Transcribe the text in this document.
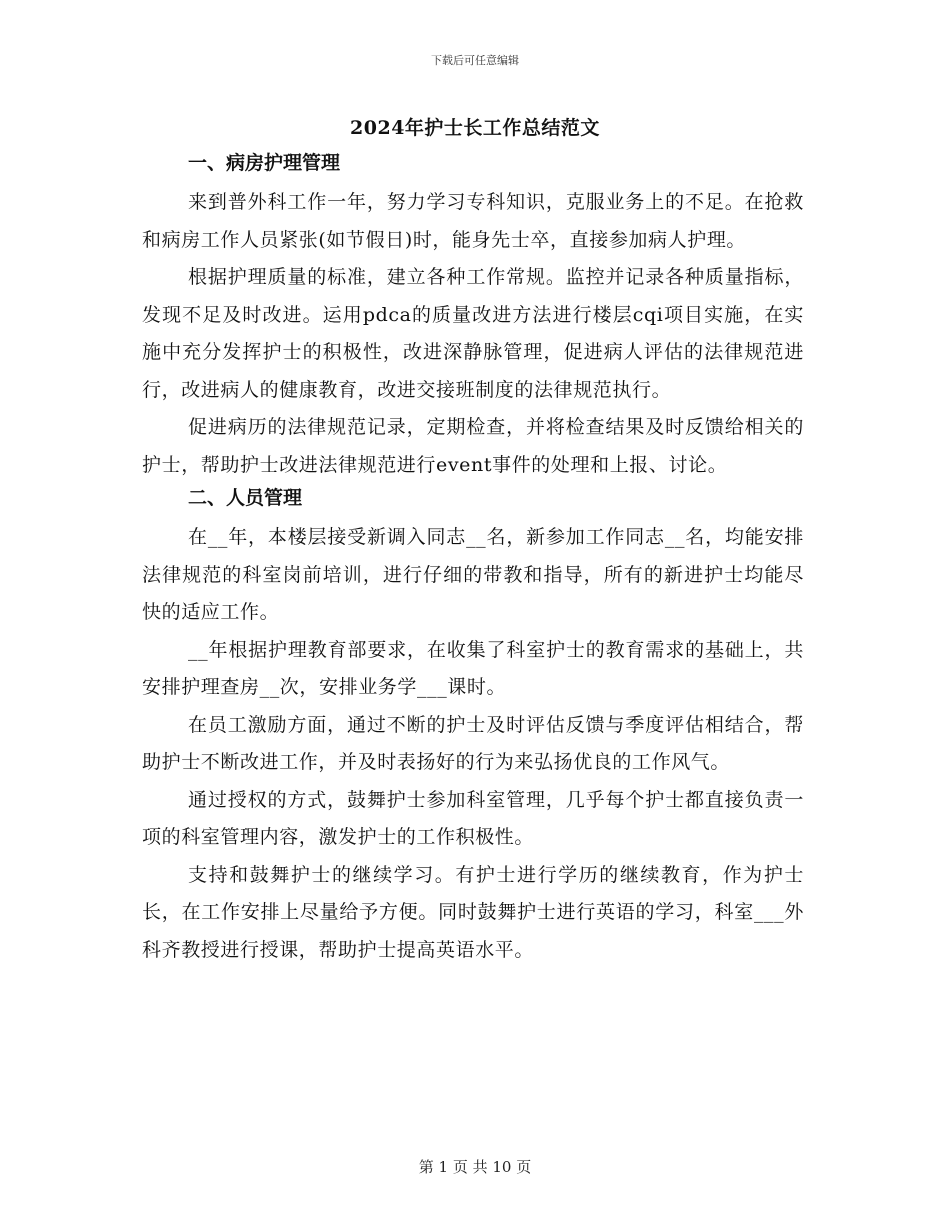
下载后可任意编辑
2024年护士长工作总结范文
一、病房护理管理

来到普外科工作一年，努力学习专科知识，克服业务上的不足。在抢救和病房工作人员紧张(如节假日)时，能身先士卒，直接参加病人护理。

根据护理质量的标准，建立各种工作常规。监控并记录各种质量指标，发现不足及时改进。运用pdca的质量改进方法进行楼层cqi项目实施，在实施中充分发挥护士的积极性，改进深静脉管理，促进病人评估的法律规范进行，改进病人的健康教育，改进交接班制度的法律规范执行。

促进病历的法律规范记录，定期检查，并将检查结果及时反馈给相关的护士，帮助护士改进法律规范进行event事件的处理和上报、讨论。

二、人员管理

在__年，本楼层接受新调入同志__名，新参加工作同志__名，均能安排法律规范的科室岗前培训，进行仔细的带教和指导，所有的新进护士均能尽快的适应工作。

__年根据护理教育部要求，在收集了科室护士的教育需求的基础上，共安排护理查房__次，安排业务学___课时。

在员工激励方面，通过不断的护士及时评估反馈与季度评估相结合，帮助护士不断改进工作，并及时表扬好的行为来弘扬优良的工作风气。

通过授权的方式，鼓舞护士参加科室管理，几乎每个护士都直接负责一项的科室管理内容，激发护士的工作积极性。

支持和鼓舞护士的继续学习。有护士进行学历的继续教育，作为护士长，在工作安排上尽量给予方便。同时鼓舞护士进行英语的学习，科室___外科齐教授进行授课，帮助护士提高英语水平。

第 1 页 共 10 页
